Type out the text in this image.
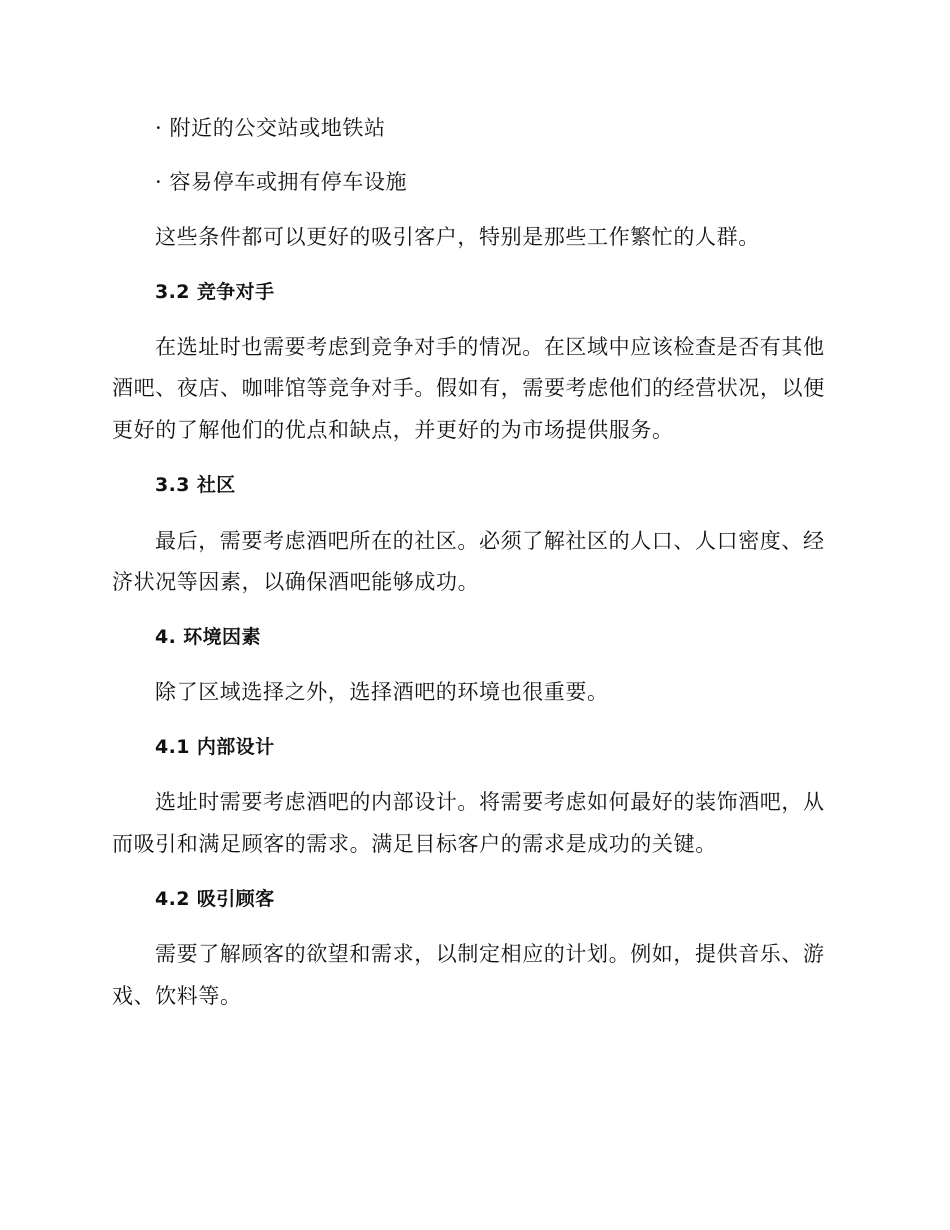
· 附近的公交站或地铁站
· 容易停车或拥有停车设施
这些条件都可以更好的吸引客户，特别是那些工作繁忙的人群。
3.2 竞争对手
在选址时也需要考虑到竞争对手的情况。在区域中应该检查是否有其他
酒吧、夜店、咖啡馆等竞争对手。假如有，需要考虑他们的经营状况，以便
更好的了解他们的优点和缺点，并更好的为市场提供服务。
3.3 社区
最后，需要考虑酒吧所在的社区。必须了解社区的人口、人口密度、经
济状况等因素，以确保酒吧能够成功。
4. 环境因素
除了区域选择之外，选择酒吧的环境也很重要。
4.1 内部设计
选址时需要考虑酒吧的内部设计。将需要考虑如何最好的装饰酒吧，从
而吸引和满足顾客的需求。满足目标客户的需求是成功的关键。
4.2 吸引顾客
需要了解顾客的欲望和需求，以制定相应的计划。例如，提供音乐、游
戏、饮料等。
